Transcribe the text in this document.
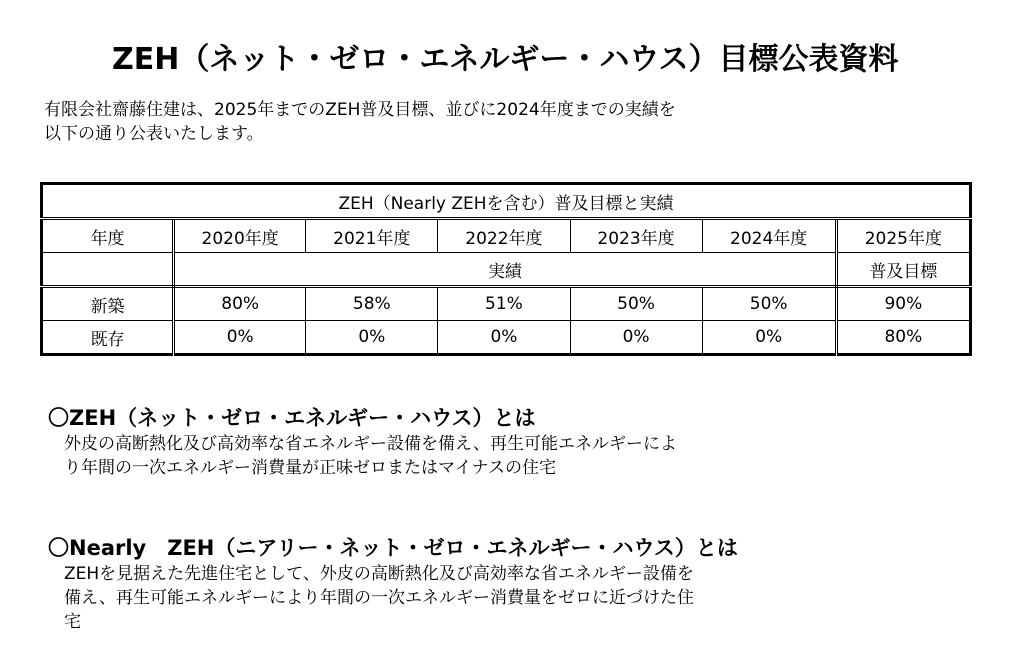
ZEH（ネット・ゼロ・エネルギー・ハウス）目標公表資料
有限会社齋藤住建は、2025年までのZEH普及目標、並びに2024年度までの実績を
以下の通り公表いたします。
ZEH（Nearly ZEHを含む）普及目標と実績						
年度	2020年度	2021年度	2022年度	2023年度	2024年度	2025年度
	実績					普及目標
新築	80%	58%	51%	50%	50%	90%
既存	0%	0%	0%	0%	0%	80%
〇ZEH（ネット・ゼロ・エネルギー・ハウス）とは
外皮の高断熱化及び高効率な省エネルギー設備を備え、再生可能エネルギーによ
り年間の一次エネルギー消費量が正味ゼロまたはマイナスの住宅
〇Nearly　ZEH（ニアリー・ネット・ゼロ・エネルギー・ハウス）とは
ZEHを見据えた先進住宅として、外皮の高断熱化及び高効率な省エネルギー設備を
備え、再生可能エネルギーにより年間の一次エネルギー消費量をゼロに近づけた住
宅
